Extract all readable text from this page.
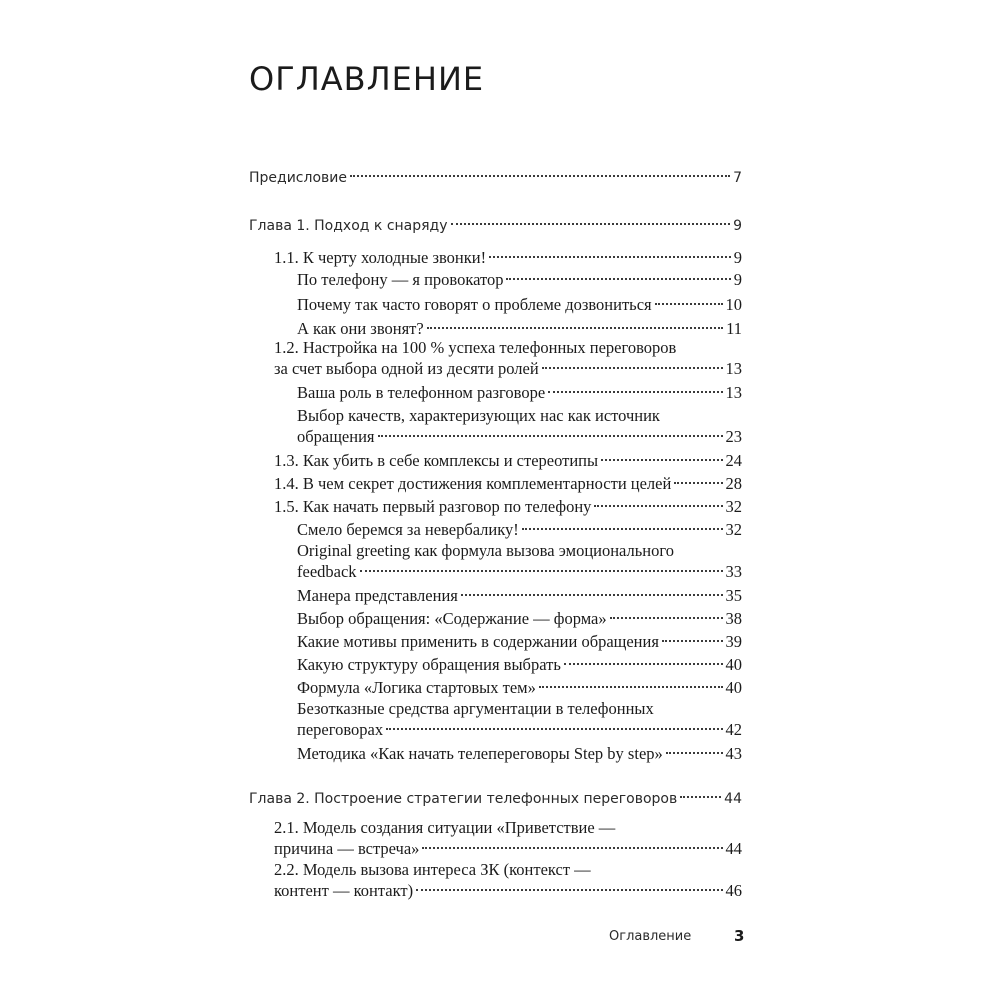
ОГЛАВЛЕНИЕ
Предисловие	7
Глава 1. Подход к снаряду	9
1.1. К черту холодные звонки!	9
По телефону — я провокатор	9
Почему так часто говорят о проблеме дозвониться	10
А как они звонят?	11
1.2. Настройка на 100 % успеха телефонных переговоров
за счет выбора одной из десяти ролей	13
Ваша роль в телефонном разговоре	13
Выбор качеств, характеризующих нас как источник
обращения	23
1.3. Как убить в себе комплексы и стереотипы	24
1.4. В чем секрет достижения комплементарности целей	28
1.5. Как начать первый разговор по телефону	32
Смело беремся за невербалику!	32
Original greeting как формула вызова эмоционального
feedback	33
Манера представления	35
Выбор обращения: «Содержание — форма»	38
Какие мотивы применить в содержании обращения	39
Какую структуру обращения выбрать	40
Формула «Логика стартовых тем»	40
Безотказные средства аргументации в телефонных
переговорах	42
Методика «Как начать телепереговоры Step by step»	43
Глава 2. Построение стратегии телефонных переговоров	44
2.1. Модель создания ситуации «Приветствие —
причина — встреча»	44
2.2. Модель вызова интереса ЗК (контекст —
контент — контакт)	46
Оглавление	3
